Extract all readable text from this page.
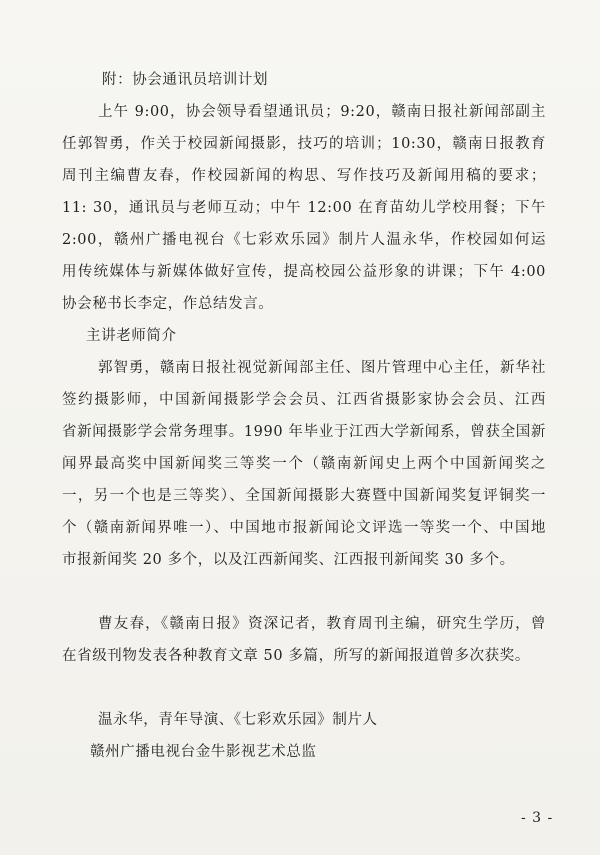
附：协会通讯员培训计划
上午 9:00，协会领导看望通讯员；9:20，赣南日报社新闻部副主
任郭智勇，作关于校园新闻摄影，技巧的培训；10:30，赣南日报教育
周刊主编曹友春，作校园新闻的构思、写作技巧及新闻用稿的要求；
11: 30，通讯员与老师互动；中午 12:00 在育苗幼儿学校用餐；下午
2:00，赣州广播电视台《七彩欢乐园》制片人温永华，作校园如何运
用传统媒体与新媒体做好宣传，提高校园公益形象的讲课；下午 4:00
协会秘书长李定，作总结发言。
主讲老师简介
郭智勇，赣南日报社视觉新闻部主任、图片管理中心主任，新华社
签约摄影师，中国新闻摄影学会会员、江西省摄影家协会会员、江西
省新闻摄影学会常务理事。1990 年毕业于江西大学新闻系，曾获全国新
闻界最高奖中国新闻奖三等奖一个（赣南新闻史上两个中国新闻奖之
一，另一个也是三等奖）、全国新闻摄影大赛暨中国新闻奖复评铜奖一
个（赣南新闻界唯一）、中国地市报新闻论文评选一等奖一个、中国地
市报新闻奖 20 多个，以及江西新闻奖、江西报刊新闻奖 30 多个。
曹友春，《赣南日报》资深记者，教育周刊主编，研究生学历，曾
在省级刊物发表各种教育文章 50 多篇，所写的新闻报道曾多次获奖。
温永华，青年导演、《七彩欢乐园》制片人
赣州广播电视台金牛影视艺术总监
- 3 -
